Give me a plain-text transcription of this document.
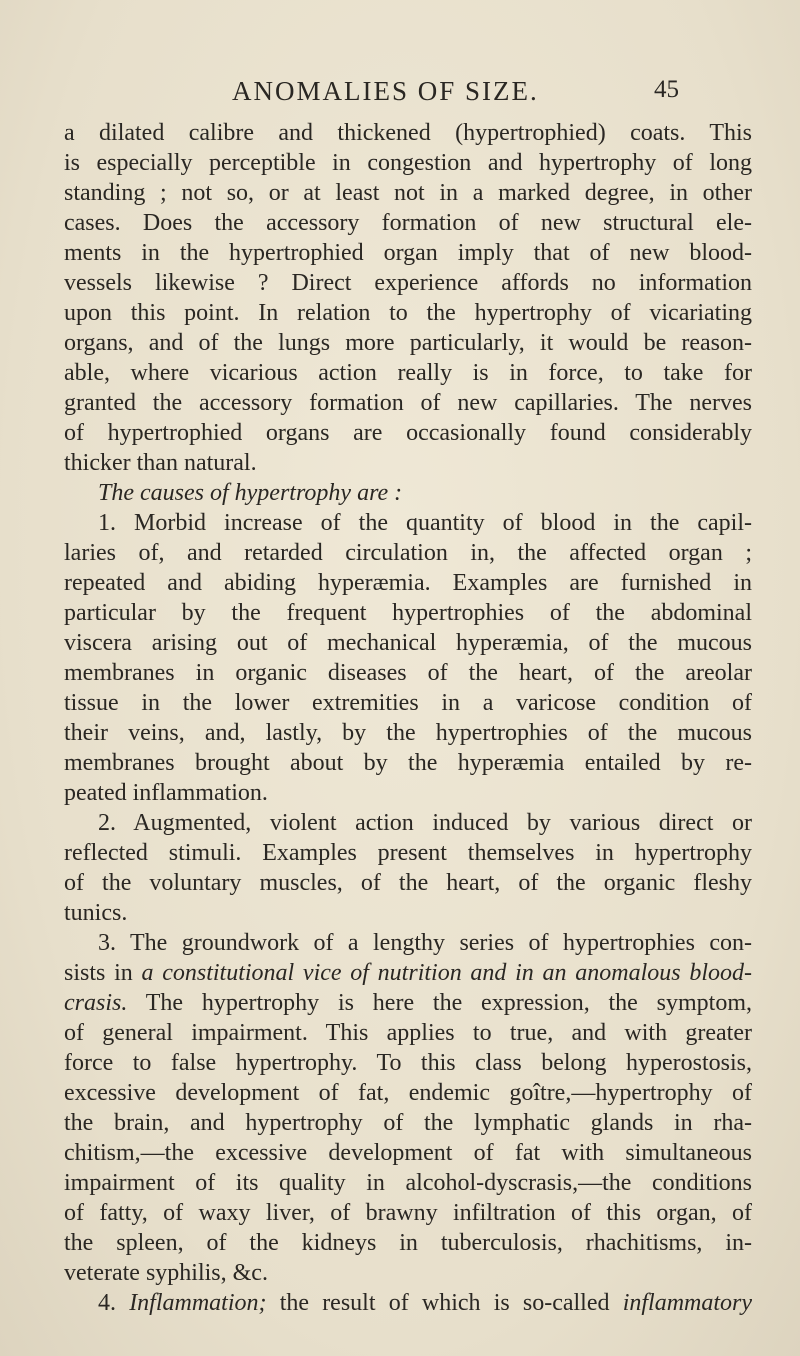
ANOMALIES OF SIZE.	45
a dilated calibre and thickened (hypertrophied) coats. This
is especially perceptible in congestion and hypertrophy of long
standing ; not so, or at least not in a marked degree, in other
cases. Does the accessory formation of new structural ele-
ments in the hypertrophied organ imply that of new blood-
vessels likewise ? Direct experience affords no information
upon this point. In relation to the hypertrophy of vicariating
organs, and of the lungs more particularly, it would be reason-
able, where vicarious action really is in force, to take for
granted the accessory formation of new capillaries. The nerves
of hypertrophied organs are occasionally found considerably
thicker than natural.
The causes of hypertrophy are :
1. Morbid increase of the quantity of blood in the capil-
laries of, and retarded circulation in, the affected organ ;
repeated and abiding hyperæmia. Examples are furnished in
particular by the frequent hypertrophies of the abdominal
viscera arising out of mechanical hyperæmia, of the mucous
membranes in organic diseases of the heart, of the areolar
tissue in the lower extremities in a varicose condition of
their veins, and, lastly, by the hypertrophies of the mucous
membranes brought about by the hyperæmia entailed by re-
peated inflammation.
2. Augmented, violent action induced by various direct or
reflected stimuli. Examples present themselves in hypertrophy
of the voluntary muscles, of the heart, of the organic fleshy
tunics.
3. The groundwork of a lengthy series of hypertrophies con-
sists in a constitutional vice of nutrition and in an anomalous blood-
crasis. The hypertrophy is here the expression, the symptom,
of general impairment. This applies to true, and with greater
force to false hypertrophy. To this class belong hyperostosis,
excessive development of fat, endemic goître,—hypertrophy of
the brain, and hypertrophy of the lymphatic glands in rha-
chitism,—the excessive development of fat with simultaneous
impairment of its quality in alcohol-dyscrasis,—the conditions
of fatty, of waxy liver, of brawny infiltration of this organ, of
the spleen, of the kidneys in tuberculosis, rhachitisms, in-
veterate syphilis, &c.
4. Inflammation; the result of which is so-called inflammatory
